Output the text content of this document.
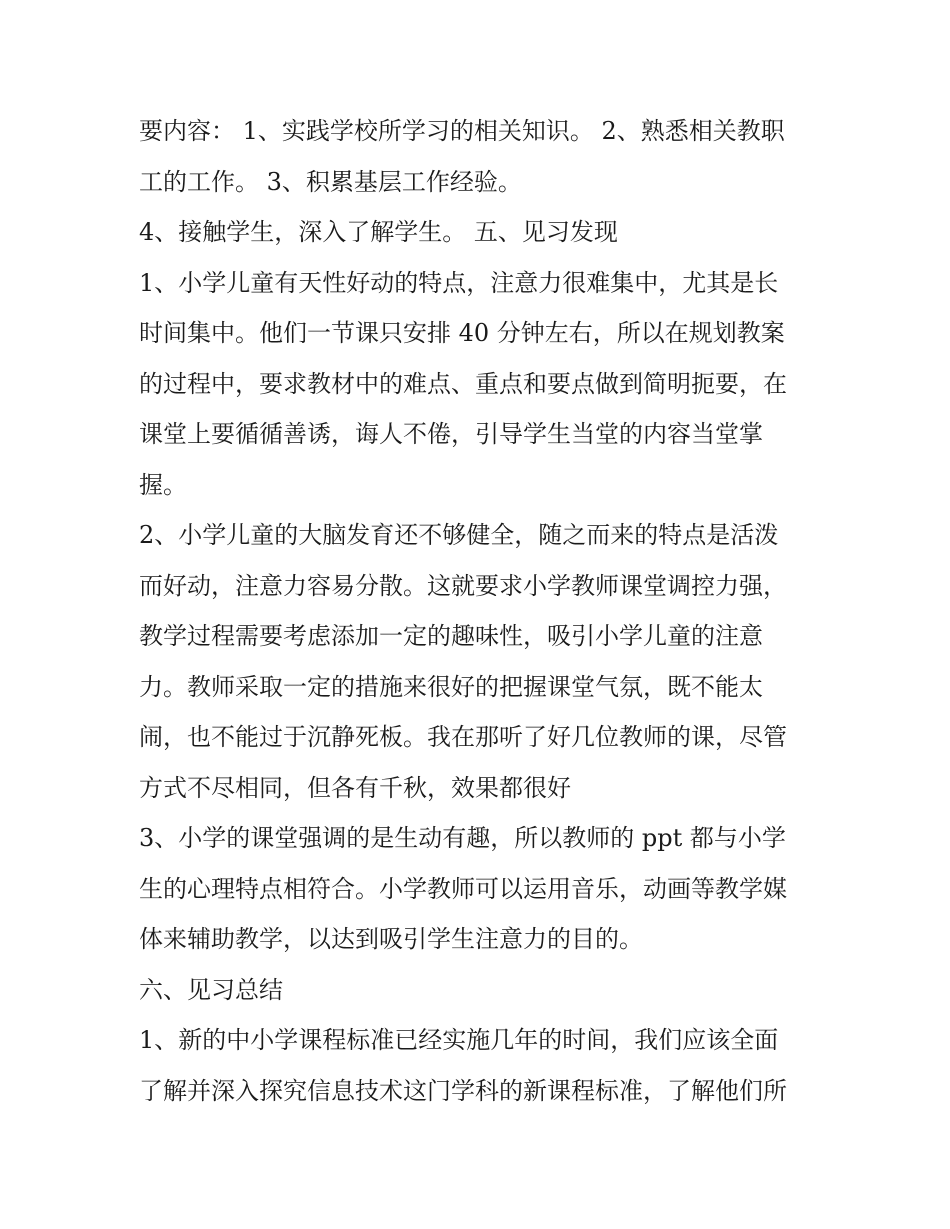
要内容： 1、实践学校所学习的相关知识。 2、熟悉相关教职
工的工作。 3、积累基层工作经验。
4、接触学生，深入了解学生。 五、见习发现
1、小学儿童有天性好动的特点，注意力很难集中，尤其是长
时间集中。他们一节课只安排 40 分钟左右，所以在规划教案
的过程中，要求教材中的难点、重点和要点做到简明扼要，在
课堂上要循循善诱，诲人不倦，引导学生当堂的内容当堂掌
握。
2、小学儿童的大脑发育还不够健全，随之而来的特点是活泼
而好动，注意力容易分散。这就要求小学教师课堂调控力强，
教学过程需要考虑添加一定的趣味性，吸引小学儿童的注意
力。教师采取一定的措施来很好的把握课堂气氛，既不能太
闹，也不能过于沉静死板。我在那听了好几位教师的课，尽管
方式不尽相同，但各有千秋，效果都很好
3、小学的课堂强调的是生动有趣，所以教师的 ppt 都与小学
生的心理特点相符合。小学教师可以运用音乐，动画等教学媒
体来辅助教学，以达到吸引学生注意力的目的。
六、见习总结
1、新的中小学课程标准已经实施几年的时间，我们应该全面
了解并深入探究信息技术这门学科的新课程标准，了解他们所
